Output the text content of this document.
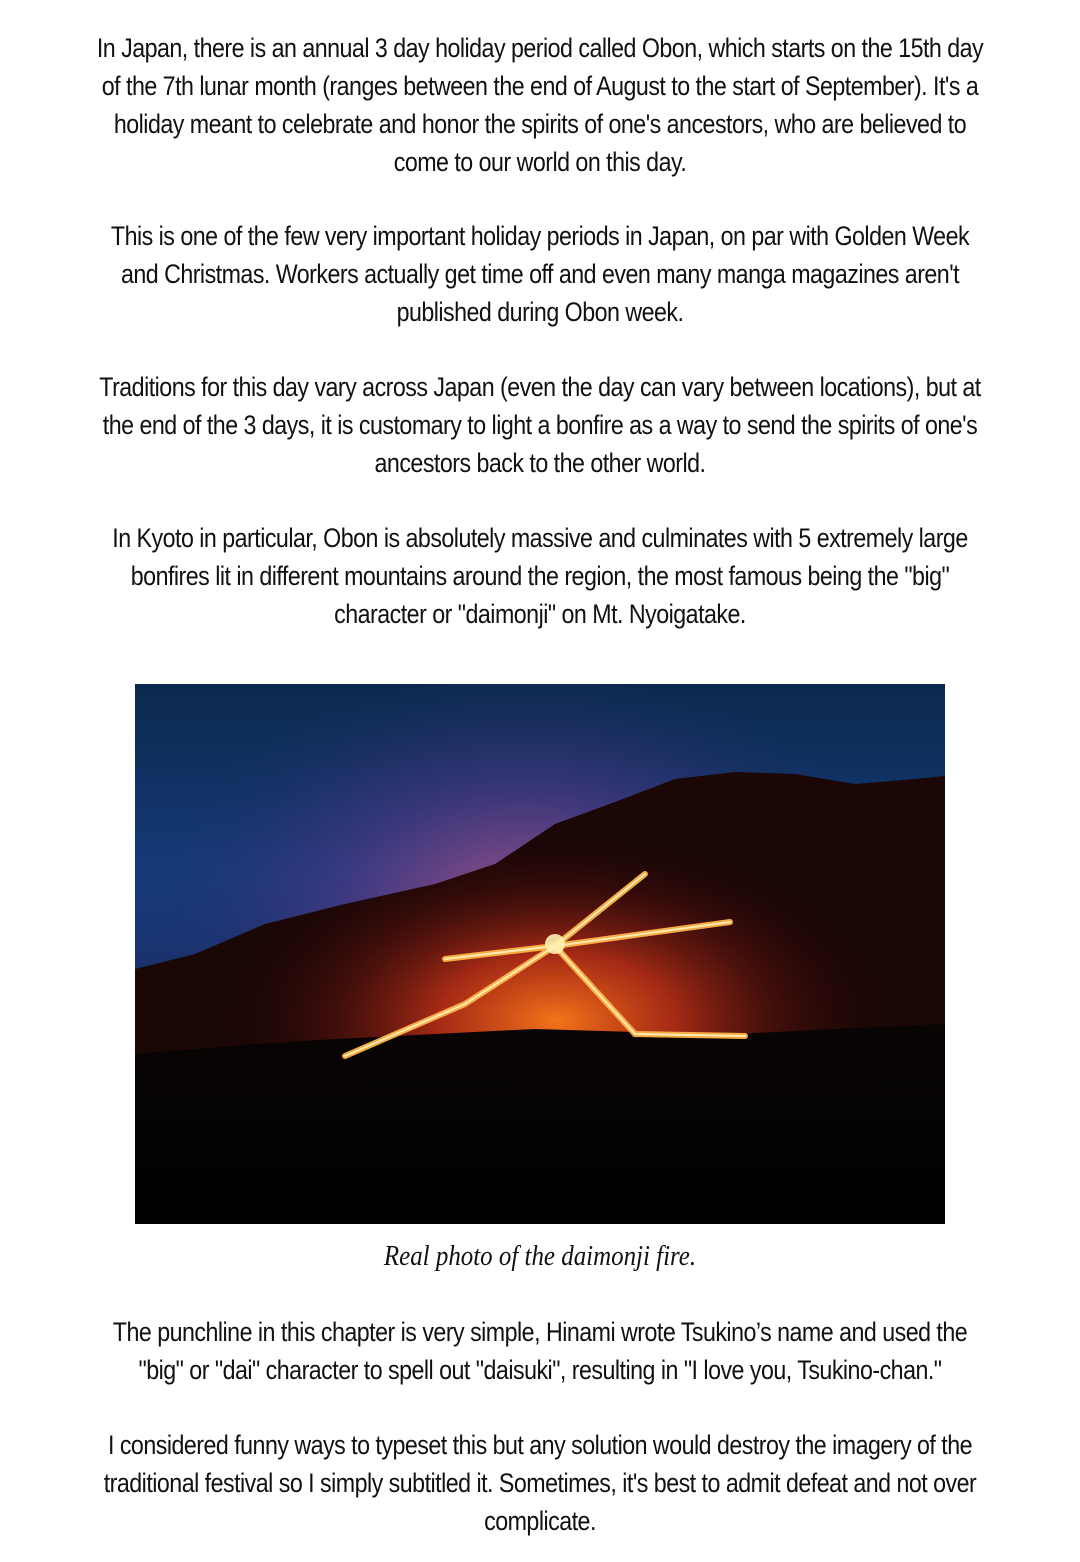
In Japan, there is an annual 3 day holiday period called Obon, which starts on the 15th day of the 7th lunar month (ranges between the end of August to the start of September). It's a holiday meant to celebrate and honor the spirits of one's ancestors, who are believed to come to our world on this day.

This is one of the few very important holiday periods in Japan, on par with Golden Week and Christmas. Workers actually get time off and even many manga magazines aren't published during Obon week.

Traditions for this day vary across Japan (even the day can vary between locations), but at the end of the 3 days, it is customary to light a bonfire as a way to send the spirits of one's ancestors back to the other world.

In Kyoto in particular, Obon is absolutely massive and culminates with 5 extremely large bonfires lit in different mountains around the region, the most famous being the "big" character or "daimonji" on Mt. Nyoigatake.

Real photo of the daimonji fire.

The punchline in this chapter is very simple, Hinami wrote Tsukino’s name and used the "big" or "dai" character to spell out "daisuki", resulting in "I love you, Tsukino-chan."

I considered funny ways to typeset this but any solution would destroy the imagery of the traditional festival so I simply subtitled it. Sometimes, it's best to admit defeat and not over complicate.
